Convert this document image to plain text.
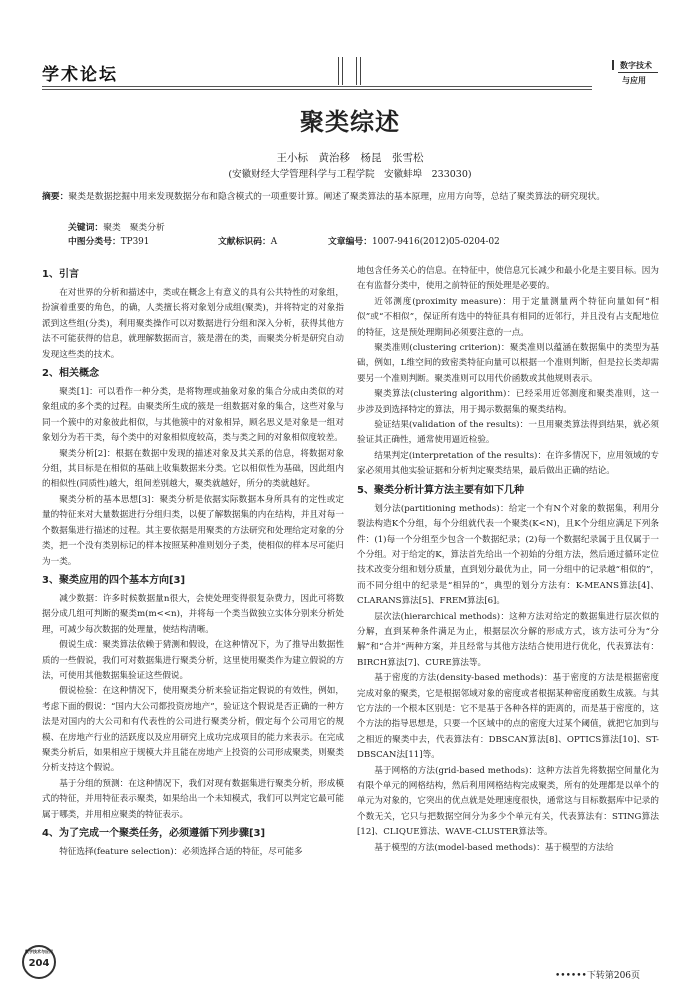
学术论坛	数字技术
与应用
聚类综述
王小标　黄治移　杨昆　张雪松
(安徽财经大学管理科学与工程学院　安徽蚌埠　233030)
摘要：聚类是数据挖掘中用来发现数据分布和隐含模式的一项重要计算。阐述了聚类算法的基本原理，应用方向等，总结了聚类算法的研究现状。
关键词：聚类　聚类分析
中图分类号：TP391	文献标识码：A	文章编号：1007-9416(2012)05-0204-02
1、引言

在对世界的分析和描述中，类或在概念上有意义的具有公共特性的对象组，扮演着重要的角色，的确，人类擅长将对象划分成组(聚类)，并将特定的对象指派到这些组(分类)，利用聚类操作可以对数据进行分组和深入分析，获得其他方法不可能获得的信息，就理解数据而言，簇是潜在的类，而聚类分析是研究自动发现这些类的技术。

2、相关概念

聚类[1]：可以看作一种分类，是将物理或抽象对象的集合分成由类似的对象组成的多个类的过程。由聚类所生成的簇是一组数据对象的集合，这些对象与同一个簇中的对象彼此相似，与其他簇中的对象相异，顾名思义是对象是一组对象划分为若干类，每个类中的对象相似度较高，类与类之间的对象相似度较差。

聚类分析[2]：根据在数据中发现的描述对象及其关系的信息，将数据对象分组，其目标是在相似的基础上收集数据来分类。它以相似性为基础，因此组内的相似性(同质性)越大，组间差别越大，聚类就越好，所分的类就越好。

聚类分析的基本思想[3]：聚类分析是依据实际数据本身所具有的定性或定量的特征来对大量数据进行分组归类，以便了解数据集的内在结构，并且对每一个数据集进行描述的过程。其主要依据是用聚类的方法研究和处理给定对象的分类，把一个没有类别标记的样本按照某种准则划分子类，使相似的样本尽可能归为一类。

3、聚类应用的四个基本方向[3]

减少数据：许多时候数据量n很大，会使处理变得很复杂费力，因此可将数据分成几组可判断的聚类m(m<<n)，并将每一个类当做独立实体分别来分析处理，可减少每次数据的处理量，使结构清晰。

假说生成：聚类算法依赖于猜测和假设，在这种情况下，为了推导出数据性质的一些假说，我们可对数据集进行聚类分析，这里使用聚类作为建立假说的方法，可使用其他数据集验证这些假说。

假说检验：在这种情况下，使用聚类分析来验证指定假说的有效性，例如，考虑下面的假说：“国内大公司都投资房地产”，验证这个假说是否正确的一种方法是对国内的大公司和有代表性的公司进行聚类分析，假定每个公司用它的规模、在房地产行业的活跃度以及应用研究上成功完成项目的能力来表示。在完成聚类分析后，如果相应于规模大并且能在房地产上投资的公司形成聚类，则聚类分析支持这个假说。

基于分组的预测：在这种情况下，我们对现有数据集进行聚类分析，形成模式的特征，并用特征表示聚类，如果给出一个未知模式，我们可以判定它最可能属于哪类，并用相应聚类的特征表示。

4、为了完成一个聚类任务，必须遵循下列步骤[3]

特征选择(feature selection)：必须选择合适的特征，尽可能多

地包含任务关心的信息。在特征中，使信息冗长减少和最小化是主要目标。因为在有监督分类中，使用之前特征的预处理是必要的。

近邻测度(proximity measure)：用于定量测量两个特征向量如何“相似”或“不相似”，保证所有选中的特征具有相同的近邻行，并且没有占支配地位的特征，这是预处理期间必须要注意的一点。

聚类准则(clustering criterion)：聚类准则以蕴涵在数据集中的类型为基础，例如，L维空间的致密类特征向量可以根据一个准则判断，但是拉长类却需要另一个准则判断。聚类准则可以用代价函数或其他规则表示。

聚类算法(clustering algorithm)：已经采用近邻测度和聚类准则，这一步涉及到选择特定的算法，用于揭示数据集的聚类结构。

验证结果(validation of the results)：一旦用聚类算法得到结果，就必须验证其正确性，通常使用逼近检验。

结果判定(interpretation of the results)：在许多情况下，应用领域的专家必须用其他实验证据和分析判定聚类结果，最后做出正确的结论。

5、聚类分析计算方法主要有如下几种

划分法(partitioning methods)：给定一个有N个对象的数据集，利用分裂法构造K个分组，每个分组就代表一个聚类(K<N)，且K个分组应满足下列条件：(1)每一个分组至少包含一个数据纪录；(2)每一个数据纪录属于且仅属于一个分组。对于给定的K，算法首先给出一个初始的分组方法，然后通过循环定位技术改变分组和划分质量，直到划分最优为止，同一分组中的记录越“相似的”，而不同分组中的纪录是“相异的”，典型的划分方法有：K-MEANS算法[4]、CLARANS算法[5]、FREM算法[6]。

层次法(hierarchical methods)：这种方法对给定的数据集进行层次似的分解，直到某种条件满足为止，根据层次分解的形成方式，该方法可分为“分解”和“合并”两种方案，并且经常与其他方法结合使用进行优化，代表算法有：BIRCH算法[7]、CURE算法等。

基于密度的方法(density-based methods)：基于密度的方法是根据密度完成对象的聚类，它是根据邻域对象的密度或者根据某种密度函数生成簇。与其它方法的一个根本区别是：它不是基于各种各样的距离的，而是基于密度的，这个方法的指导思想是，只要一个区域中的点的密度大过某个阈值，就把它加到与之相近的聚类中去，代表算法有：DBSCAN算法[8]、OPTICS算法[10]、ST-DBSCAN法[11]等。

基于网格的方法(grid-based methods)：这种方法首先将数据空间量化为有限个单元的网格结构，然后利用网格结构完成聚类，所有的处理都是以单个的单元为对象的，它突出的优点就是处理速度很快，通常这与目标数据库中记录的个数无关，它只与把数据空间分为多少个单元有关，代表算法有：STING算法[12]、CLIQUE算法、WAVE-CLUSTER算法等。

基于模型的方法(model-based methods)：基于模型的方法给

数字技术与应用
204
••••••下转第206页
